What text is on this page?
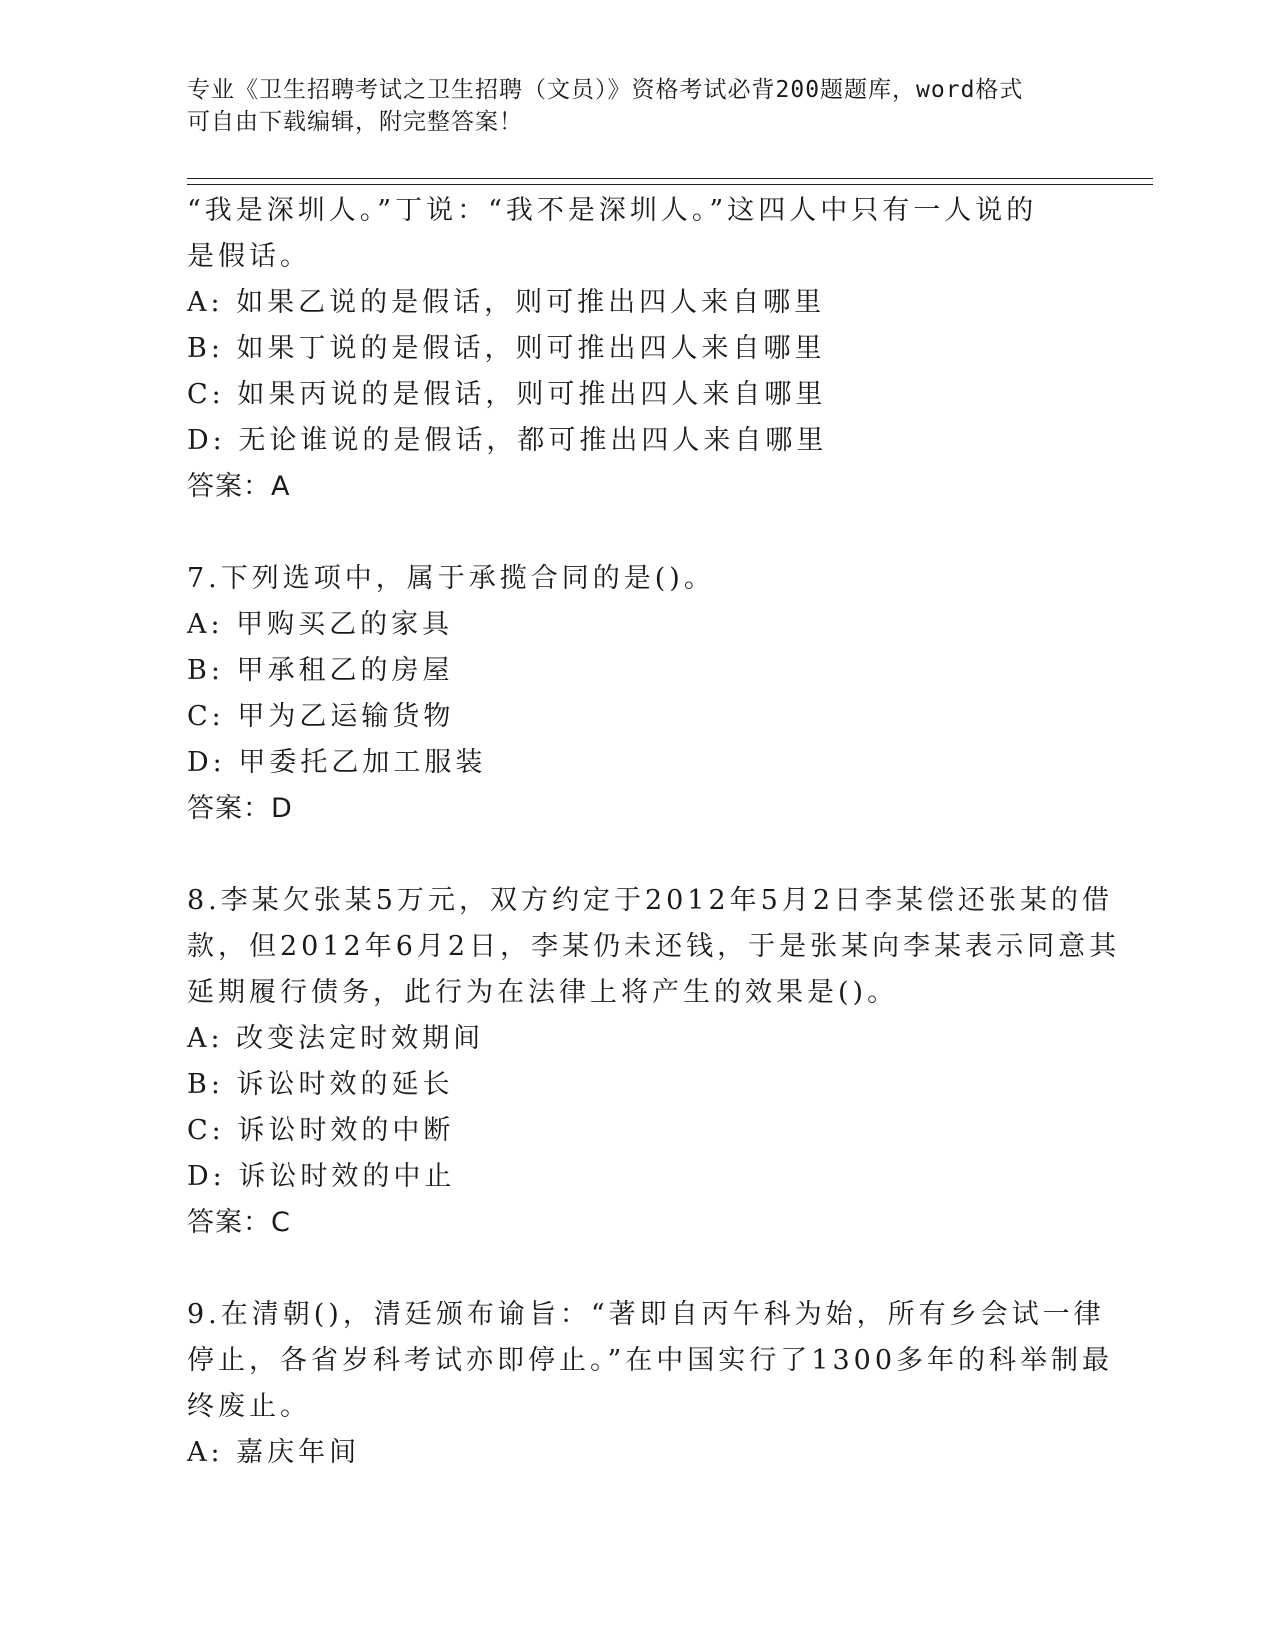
专业《卫生招聘考试之卫生招聘（文员）》资格考试必背200题题库，word格式
可自由下载编辑，附完整答案！
“我是深圳人。”丁说：“我不是深圳人。”这四人中只有一人说的
是假话。
A: 如果乙说的是假话，则可推出四人来自哪里
B: 如果丁说的是假话，则可推出四人来自哪里
C: 如果丙说的是假话，则可推出四人来自哪里
D: 无论谁说的是假话，都可推出四人来自哪里
答案：A
7.下列选项中，属于承揽合同的是()。
A: 甲购买乙的家具
B: 甲承租乙的房屋
C: 甲为乙运输货物
D: 甲委托乙加工服装
答案：D
8.李某欠张某5万元，双方约定于2012年5月2日李某偿还张某的借
款，但2012年6月2日，李某仍未还钱，于是张某向李某表示同意其
延期履行债务，此行为在法律上将产生的效果是()。
A: 改变法定时效期间
B: 诉讼时效的延长
C: 诉讼时效的中断
D: 诉讼时效的中止
答案：C
9.在清朝()，清廷颁布谕旨：“著即自丙午科为始，所有乡会试一律
停止，各省岁科考试亦即停止。”在中国实行了1300多年的科举制最
终废止。
A: 嘉庆年间
